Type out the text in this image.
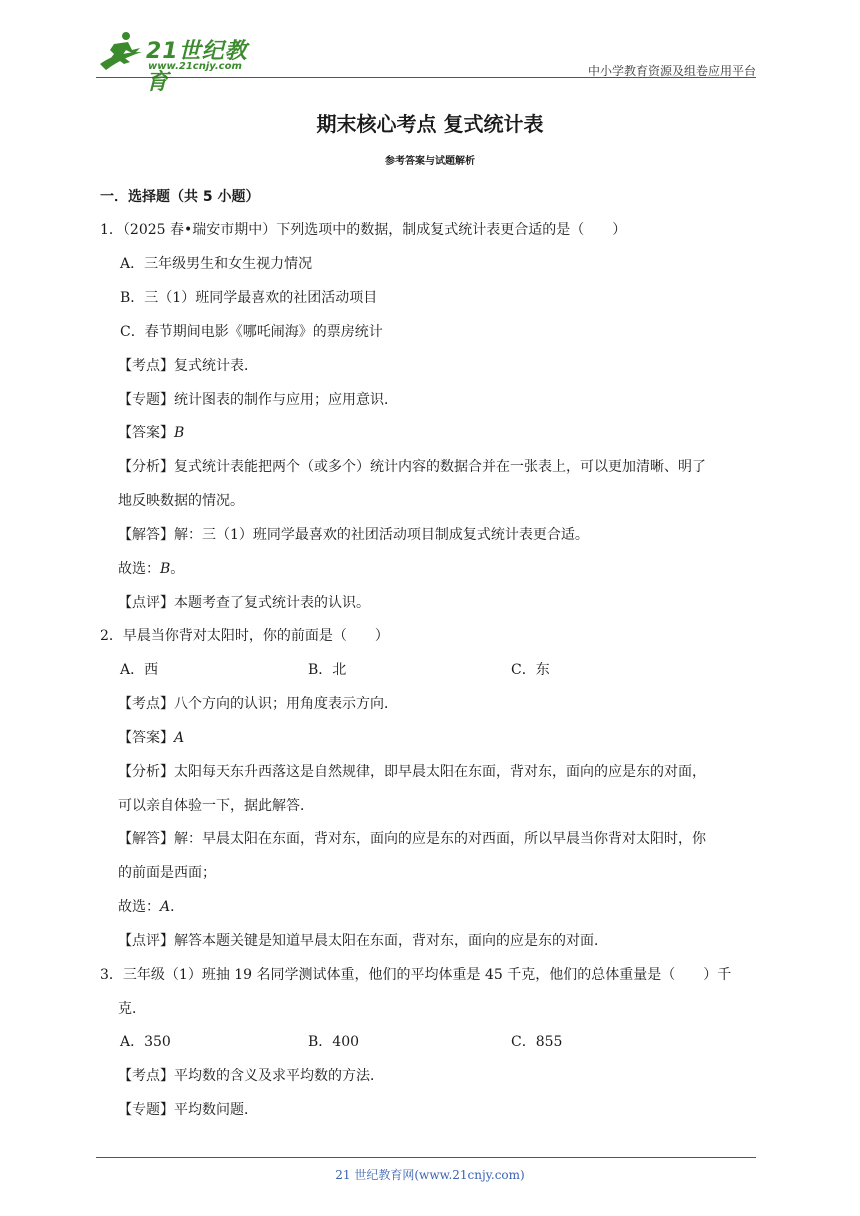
21世纪教育
www.21cnjy.com	中小学教育资源及组卷应用平台
期末核心考点 复式统计表
参考答案与试题解析
一．选择题（共 5 小题）
1．（2025 春•瑞安市期中）下列选项中的数据，制成复式统计表更合适的是（　　）
A．三年级男生和女生视力情况
B．三（1）班同学最喜欢的社团活动项目
C．春节期间电影《哪吒闹海》的票房统计
【考点】复式统计表．
【专题】统计图表的制作与应用；应用意识．
【答案】B
【分析】复式统计表能把两个（或多个）统计内容的数据合并在一张表上，可以更加清晰、明了
地反映数据的情况。
【解答】解：三（1）班同学最喜欢的社团活动项目制成复式统计表更合适。
故选：B。
【点评】本题考查了复式统计表的认识。
2．早晨当你背对太阳时，你的前面是（　　）
A．西	B．北	C．东
【考点】八个方向的认识；用角度表示方向．
【答案】A
【分析】太阳每天东升西落这是自然规律，即早晨太阳在东面，背对东，面向的应是东的对面，
可以亲自体验一下，据此解答．
【解答】解：早晨太阳在东面，背对东，面向的应是东的对西面，所以早晨当你背对太阳时，你
的前面是西面；
故选：A．
【点评】解答本题关键是知道早晨太阳在东面，背对东，面向的应是东的对面．
3．三年级（1）班抽 19 名同学测试体重，他们的平均体重是 45 千克，他们的总体重量是（　　）千
克．
A．350	B．400	C．855
【考点】平均数的含义及求平均数的方法．
【专题】平均数问题．
21 世纪教育网(www.21cnjy.com)
